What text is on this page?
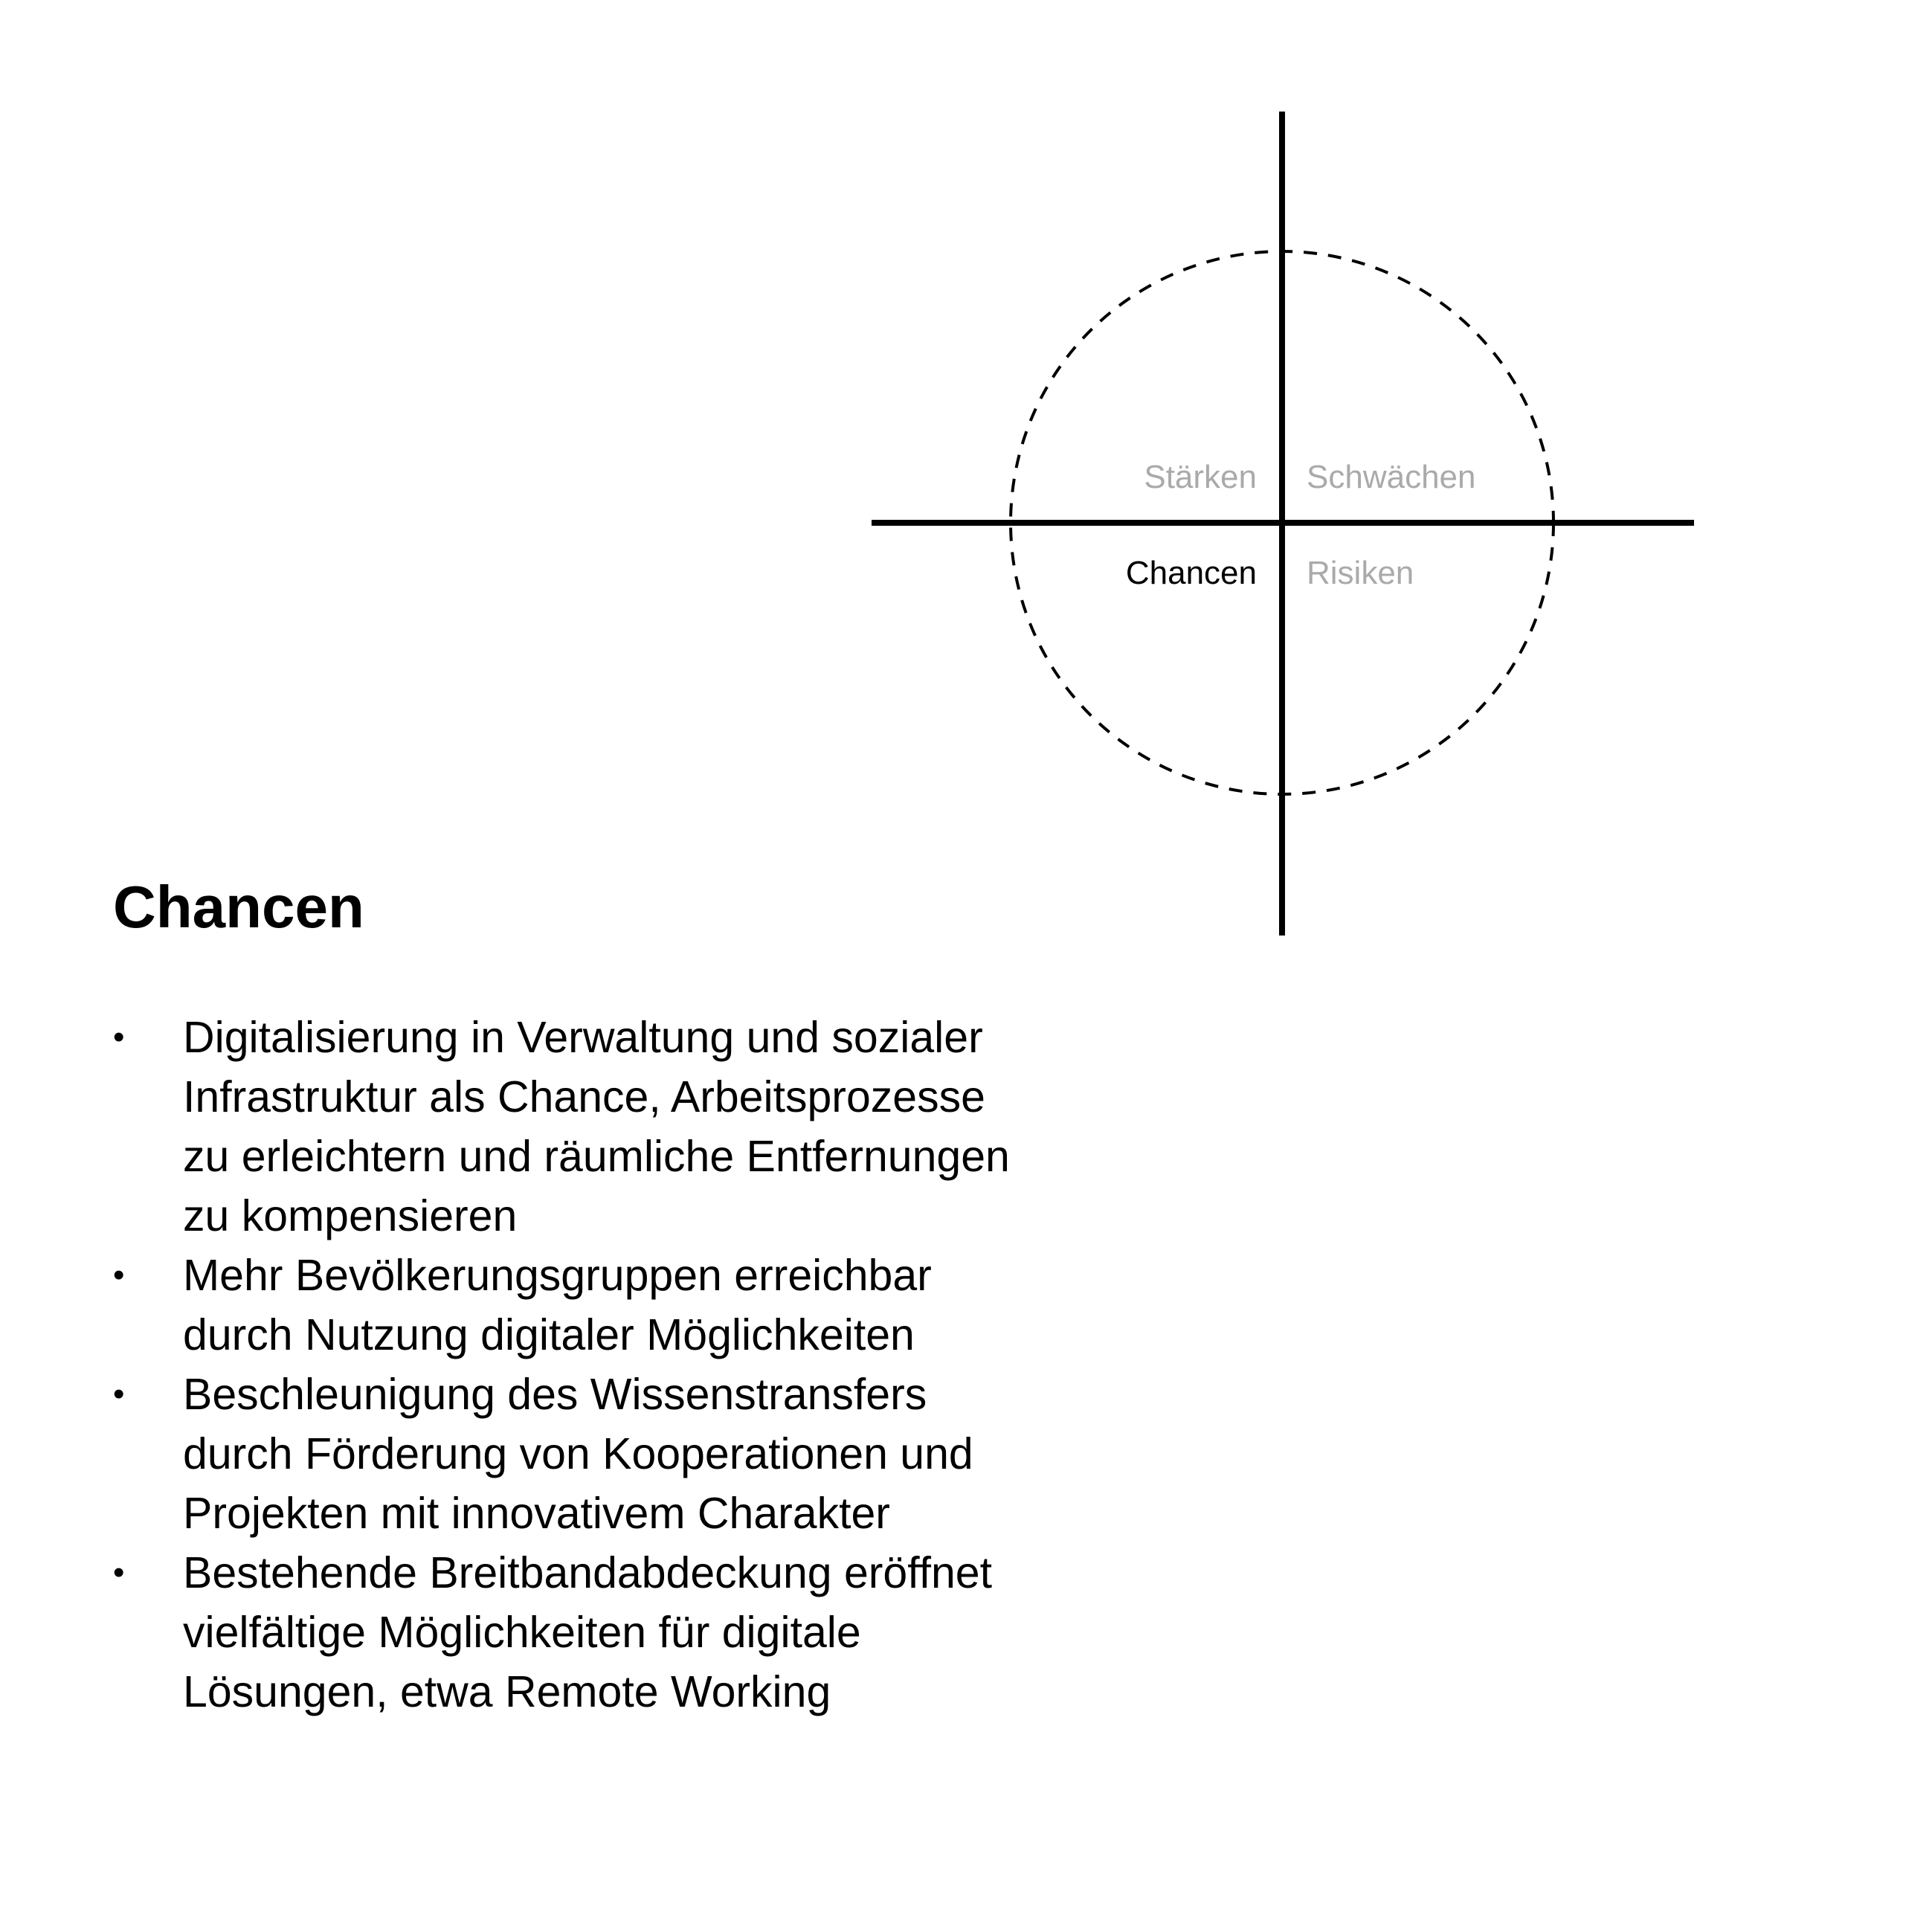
Stärken Schwächen
Chancen Risiken
Chancen
• Digitalisierung in Verwaltung und sozialer
Infrastruktur als Chance, Arbeitsprozesse
zu erleichtern und räumliche Entfernungen
zu kompensieren
• Mehr Bevölkerungsgruppen erreichbar
durch Nutzung digitaler Möglichkeiten
• Beschleunigung des Wissenstransfers
durch Förderung von Kooperationen und
Projekten mit innovativem Charakter
• Bestehende Breitbandabdeckung eröffnet
vielfältige Möglichkeiten für digitale
Lösungen, etwa Remote Working
